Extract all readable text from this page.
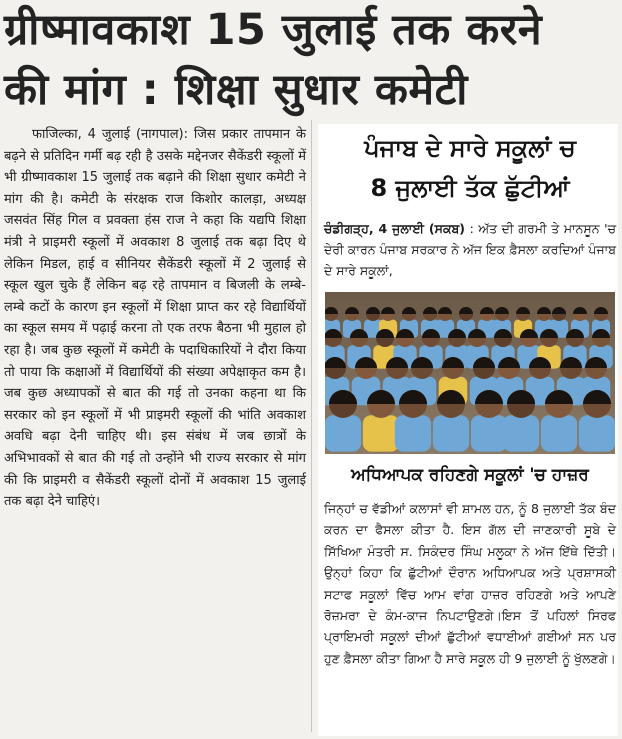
ग्रीष्मावकाश 15 जुलाई तक करने
की मांग : शिक्षा सुधार कमेटी

फाजिल्का, 4 जुलाई (नागपाल): जिस प्रकार तापमान के बढ़ने से प्रतिदिन गर्मी बढ़ रही है उसके मद्देनजर सैकेंडरी स्कूलों में भी ग्रीष्मावकाश 15 जुलाई तक बढ़ाने की शिक्षा सुधार कमेटी ने मांग की है। कमेटी के संरक्षक राज किशोर कालड़ा, अध्यक्ष जसवंत सिंह गिल व प्रवक्ता हंस राज ने कहा कि यद्यपि शिक्षा मंत्री ने प्राइमरी स्कूलों में अवकाश 8 जुलाई तक बढ़ा दिए थे लेकिन मिडल, हाई व सीनियर सैकेंडरी स्कूलों में 2 जुलाई से स्कूल खुल चुके हैं लेकिन बढ़ रहे तापमान व बिजली के लम्बे-लम्बे कटों के कारण इन स्कूलों में शिक्षा प्राप्त कर रहे विद्यार्थियों का स्कूल समय में पढ़ाई करना तो एक तरफ बैठना भी मुहाल हो रहा है। जब कुछ स्कूलों में कमेटी के पदाधिकारियों ने दौरा किया तो पाया कि कक्षाओं में विद्यार्थियों की संख्या अपेक्षाकृत कम है। जब कुछ अध्यापकों से बात की गई तो उनका कहना था कि सरकार को इन स्कूलों में भी प्राइमरी स्कूलों की भांति अवकाश अवधि बढ़ा देनी चाहिए थी। इस संबंध में जब छात्रों के अभिभावकों से बात की गई तो उन्होंने भी राज्य सरकार से मांग की कि प्राइमरी व सैकेंडरी स्कूलों दोनों में अवकाश 15 जुलाई तक बढ़ा देने चाहिएं।

ਪੰਜਾਬ ਦੇ ਸਾਰੇ ਸਕੂਲਾਂ ਚ
8 ਜੁਲਾਈ ਤੱਕ ਛੁੱਟੀਆਂ
ਚੰਡੀਗੜ੍ਹ, 4 ਜੁਲਾਈ (ਸਕਬ) : ਅੱਤ ਦੀ ਗਰਮੀ ਤੇ ਮਾਨਸੂਨ 'ਚ ਦੇਰੀ ਕਾਰਨ ਪੰਜਾਬ ਸਰਕਾਰ ਨੇ ਅੱਜ ਇਕ ਫ਼ੈਸਲਾ ਕਰਦਿਆਂ ਪੰਜਾਬ ਦੇ ਸਾਰੇ ਸਕੂਲਾਂ,
ਅਧਿਆਪਕ ਰਹਿਣਗੇ ਸਕੂਲਾਂ 'ਚ ਹਾਜ਼ਰ

ਜਿਨ੍ਹਾਂ ਚ ਵੱਡੀਆਂ ਕਲਾਸਾਂ ਵੀ ਸ਼ਾਮਲ ਹਨ, ਨੂੰ 8 ਜੁਲਾਈ ਤੱਕ ਬੰਦ ਕਰਨ ਦਾ ਫੈਸਲਾ ਕੀਤਾ ਹੈ. ਇਸ ਗੱਲ ਦੀ ਜਾਣਕਾਰੀ ਸੂਬੇ ਦੇ ਸਿੱਖਿਆ ਮੰਤਰੀ ਸ. ਸਿਕੰਦਰ ਸਿੰਘ ਮਲੂਕਾ ਨੇ ਅੱਜ ਇੱਥੇ ਦਿੱਤੀ। ਉਨ੍ਹਾਂ ਕਿਹਾ ਕਿ ਛੁੱਟੀਆਂ ਦੌਰਾਨ ਅਧਿਆਪਕ ਅਤੇ ਪ੍ਰਸ਼ਾਸਕੀ ਸਟਾਫ ਸਕੂਲਾਂ ਵਿੱਚ ਆਮ ਵਾਂਗ ਹਾਜ਼ਰ ਰਹਿਣਗੇ ਅਤੇ ਆਪਣੇ ਰੋਜ਼ਮਰਾ ਦੇ ਕੰਮ-ਕਾਜ ਨਿਪਟਾਉਣਗੇ।ਇਸ ਤੋਂ ਪਹਿਲਾਂ ਸਿਰਫ ਪ੍ਰਾਇਮਰੀ ਸਕੂਲਾਂ ਦੀਆਂ ਛੁੱਟੀਆਂ ਵਧਾਈਆਂ ਗਈਆਂ ਸਨ ਪਰ ਹੁਣ ਫ਼ੈਸਲਾ ਕੀਤਾ ਗਿਆ ਹੈ ਸਾਰੇ ਸਕੂਲ ਹੀ 9 ਜੁਲਾਈ ਨੂੰ ਖੁੱਲਣਗੇ।
